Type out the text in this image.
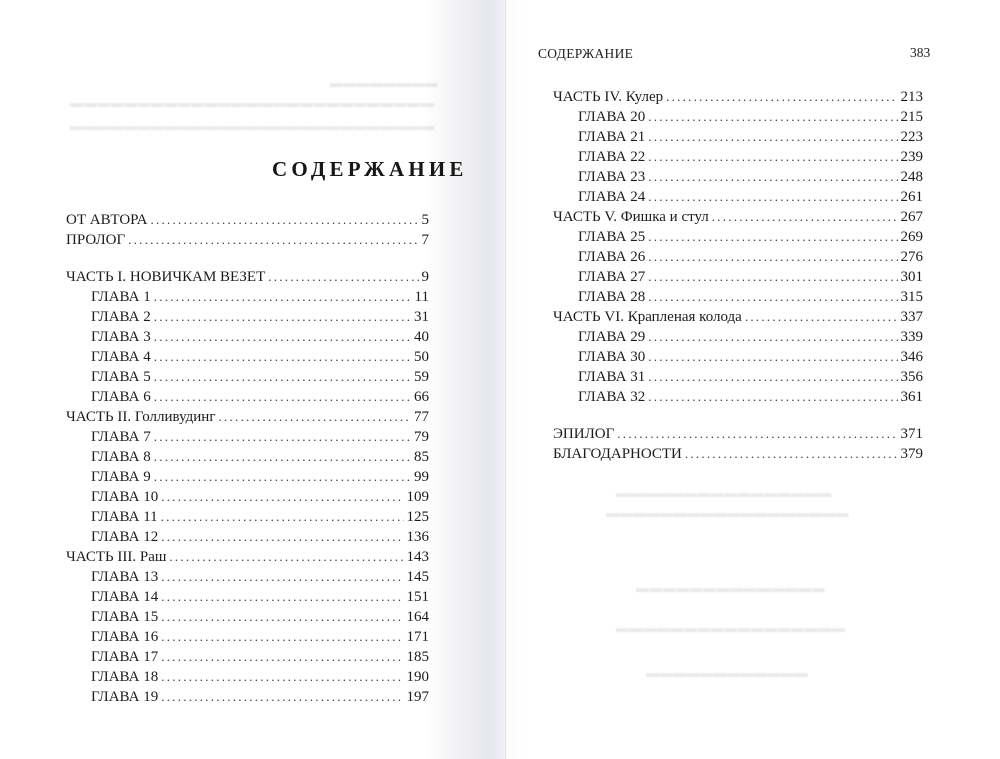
▬▬▬▬▬▬▬▬
▬▬▬▬▬▬▬▬▬▬▬▬▬▬▬▬▬▬▬▬▬▬▬▬▬▬▬
▬▬▬▬▬▬▬▬▬▬▬▬▬▬▬▬▬▬▬▬▬▬▬▬▬▬▬
СОДЕРЖАНИЕ
ОТ АВТОРА . . .	5
ПРОЛОГ . . .	7
ЧАСТЬ I. НОВИЧКАМ ВЕЗЕТ . . .	9
ГЛАВА 1 . . .	11
ГЛАВА 2 . . .	31
ГЛАВА 3 . . .	40
ГЛАВА 4 . . .	50
ГЛАВА 5 . . .	59
ГЛАВА 6 . . .	66
ЧАСТЬ II. Голливудинг . . .	77
ГЛАВА 7 . . .	79
ГЛАВА 8 . . .	85
ГЛАВА 9 . . .	99
ГЛАВА 10 . . .	109
ГЛАВА 11 . . .	125
ГЛАВА 12 . . .	136
ЧАСТЬ III. Раш . . .	143
ГЛАВА 13 . . .	145
ГЛАВА 14 . . .	151
ГЛАВА 15 . . .	164
ГЛАВА 16 . . .	171
ГЛАВА 17 . . .	185
ГЛАВА 18 . . .	190
ГЛАВА 19 . . .	197
▬▬▬▬▬▬▬▬▬▬▬▬▬▬▬▬
▬▬▬▬▬▬▬▬▬▬▬▬▬▬▬▬▬▬
▬▬▬▬▬▬▬▬▬▬▬▬▬▬
▬▬▬▬▬▬▬▬▬▬▬▬▬▬▬▬▬
▬▬▬▬▬▬▬▬▬▬▬▬
СОДЕРЖАНИЕ	383
ЧАСТЬ IV. Кулер . . .	213
ГЛАВА 20 . . .	215
ГЛАВА 21 . . .	223
ГЛАВА 22 . . .	239
ГЛАВА 23 . . .	248
ГЛАВА 24 . . .	261
ЧАСТЬ V. Фишка и стул . . .	267
ГЛАВА 25 . . .	269
ГЛАВА 26 . . .	276
ГЛАВА 27 . . .	301
ГЛАВА 28 . . .	315
ЧАСТЬ VI. Крапленая колода . . .	337
ГЛАВА 29 . . .	339
ГЛАВА 30 . . .	346
ГЛАВА 31 . . .	356
ГЛАВА 32 . . .	361
ЭПИЛОГ . . .	371
БЛАГОДАРНОСТИ . . .	379
